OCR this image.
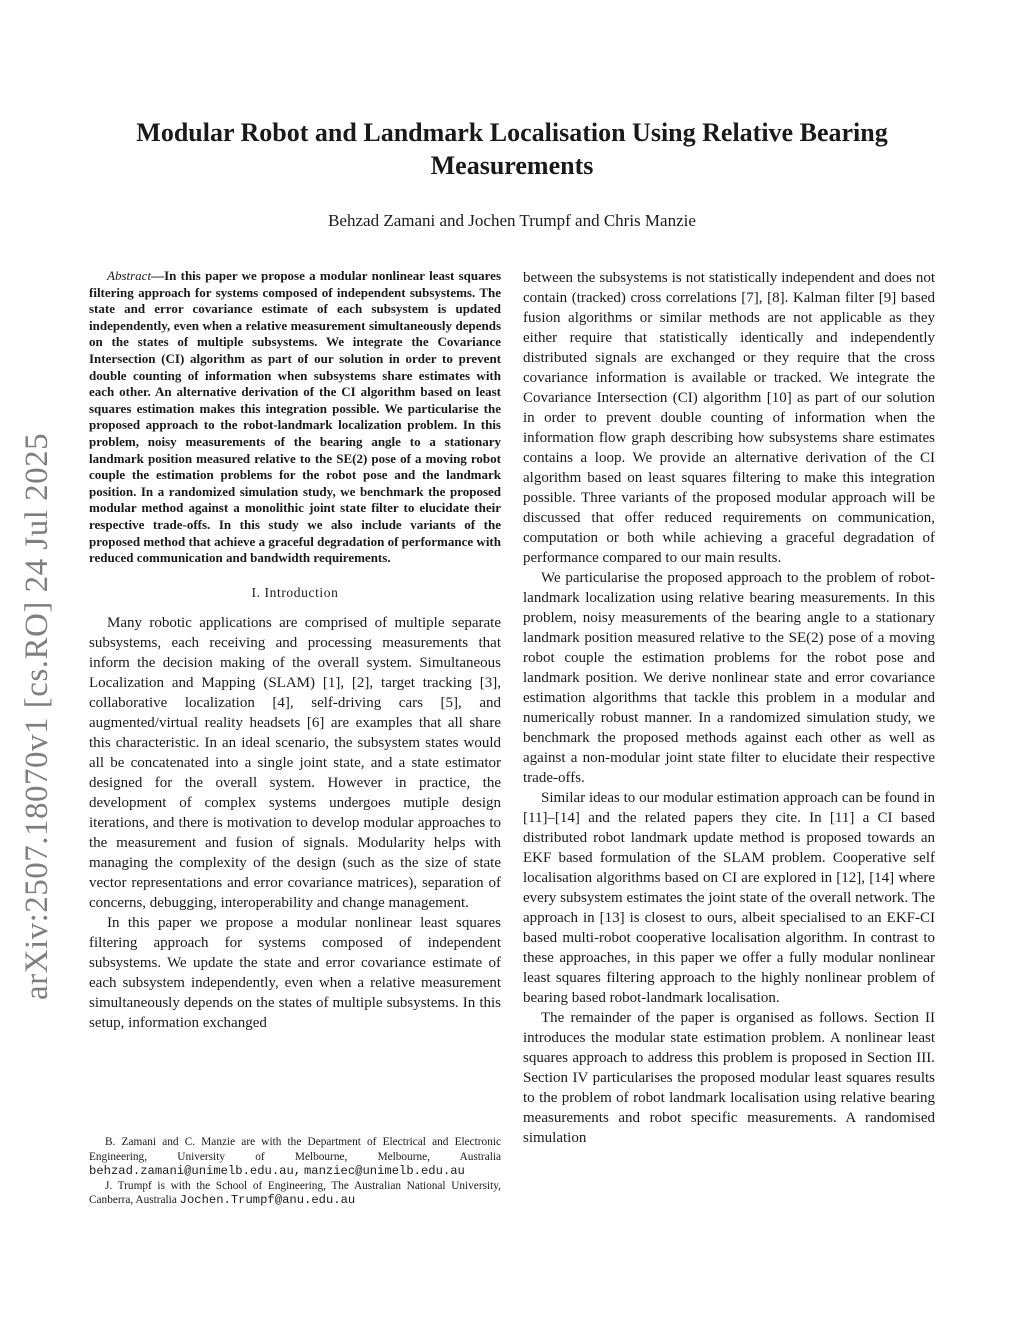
arXiv:2507.18070v1 [cs.RO] 24 Jul 2025
Modular Robot and Landmark Localisation Using Relative Bearing Measurements
Behzad Zamani and Jochen Trumpf and Chris Manzie

Abstract—In this paper we propose a modular nonlinear least squares filtering approach for systems composed of independent subsystems. The state and error covariance estimate of each subsystem is updated independently, even when a relative measurement simultaneously depends on the states of multiple subsystems. We integrate the Covariance Intersection (CI) algorithm as part of our solution in order to prevent double counting of information when subsystems share estimates with each other. An alternative derivation of the CI algorithm based on least squares estimation makes this integration possible. We particularise the proposed approach to the robot-landmark localization problem. In this problem, noisy measurements of the bearing angle to a stationary landmark position measured relative to the SE(2) pose of a moving robot couple the estimation problems for the robot pose and the landmark position. In a randomized simulation study, we benchmark the proposed modular method against a monolithic joint state filter to elucidate their respective trade-offs. In this study we also include variants of the proposed method that achieve a graceful degradation of performance with reduced communication and bandwidth requirements.

I. Introduction

Many robotic applications are comprised of multiple separate subsystems, each receiving and processing measurements that inform the decision making of the overall system. Simultaneous Localization and Mapping (SLAM) [1], [2], target tracking [3], collaborative localization [4], self-driving cars [5], and augmented/virtual reality headsets [6] are examples that all share this characteristic. In an ideal scenario, the subsystem states would all be concatenated into a single joint state, and a state estimator designed for the overall system. However in practice, the development of complex systems undergoes mutiple design iterations, and there is motivation to develop modular approaches to the measurement and fusion of signals. Modularity helps with managing the complexity of the design (such as the size of state vector representations and error covariance matrices), separation of concerns, debugging, interoperability and change management.

In this paper we propose a modular nonlinear least squares filtering approach for systems composed of independent subsystems. We update the state and error covariance estimate of each subsystem independently, even when a relative measurement simultaneously depends on the states of multiple subsystems. In this setup, information exchanged

between the subsystems is not statistically independent and does not contain (tracked) cross correlations [7], [8]. Kalman filter [9] based fusion algorithms or similar methods are not applicable as they either require that statistically identically and independently distributed signals are exchanged or they require that the cross covariance information is available or tracked. We integrate the Covariance Intersection (CI) algorithm [10] as part of our solution in order to prevent double counting of information when the information flow graph describing how subsystems share estimates contains a loop. We provide an alternative derivation of the CI algorithm based on least squares filtering to make this integration possible. Three variants of the proposed modular approach will be discussed that offer reduced requirements on communication, computation or both while achieving a graceful degradation of performance compared to our main results.

We particularise the proposed approach to the problem of robot-landmark localization using relative bearing measurements. In this problem, noisy measurements of the bearing angle to a stationary landmark position measured relative to the SE(2) pose of a moving robot couple the estimation problems for the robot pose and landmark position. We derive nonlinear state and error covariance estimation algorithms that tackle this problem in a modular and numerically robust manner. In a randomized simulation study, we benchmark the proposed methods against each other as well as against a non-modular joint state filter to elucidate their respective trade-offs.

Similar ideas to our modular estimation approach can be found in [11]–[14] and the related papers they cite. In [11] a CI based distributed robot landmark update method is proposed towards an EKF based formulation of the SLAM problem. Cooperative self localisation algorithms based on CI are explored in [12], [14] where every subsystem estimates the joint state of the overall network. The approach in [13] is closest to ours, albeit specialised to an EKF-CI based multi-robot cooperative localisation algorithm. In contrast to these approaches, in this paper we offer a fully modular nonlinear least squares filtering approach to the highly nonlinear problem of bearing based robot-landmark localisation.

The remainder of the paper is organised as follows. Section II introduces the modular state estimation problem. A nonlinear least squares approach to address this problem is proposed in Section III. Section IV particularises the proposed modular least squares results to the problem of robot landmark localisation using relative bearing measurements and robot specific measurements. A randomised simulation

B. Zamani and C. Manzie are with the Department of Electrical and Electronic Engineering, University of Melbourne, Melbourne, Australia behzad.zamani@unimelb.edu.au, manziec@unimelb.edu.au

J. Trumpf is with the School of Engineering, The Australian National University, Canberra, Australia Jochen.Trumpf@anu.edu.au
